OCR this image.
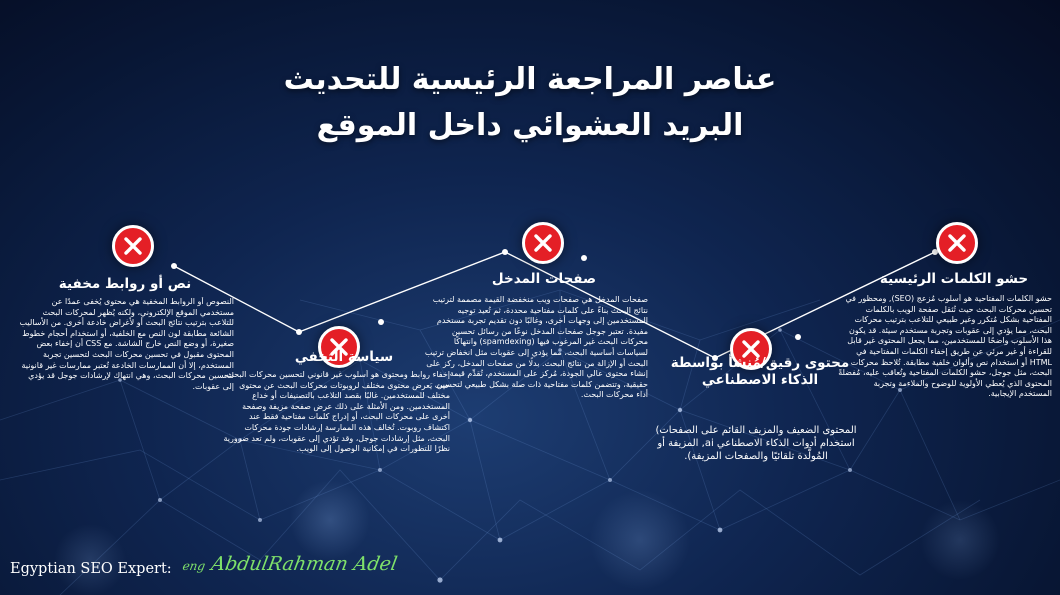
عناصر المراجعة الرئيسية للتحديث
البريد العشوائي داخل الموقع
نص أو روابط مخفية

النصوص أو الروابط المخفية هي محتوى يُخفى عمدًا عن مستخدمي الموقع الإلكتروني، ولكنه يُظهر لمحركات البحث للتلاعب بترتيب نتائج البحث أو لأغراض خادعة أخرى. من الأساليب الشائعة مطابقة لون النص مع الخلفية، أو استخدام أحجام خطوط صغيرة، أو وضع النص خارج الشاشة. مع CSS أن إخفاء بعض المحتوى مقبول في تحسين محركات البحث لتحسين تجربة المستخدم، إلا أن الممارسات الخادعة تُعتبر ممارسات غير قانونية لتحسين محركات البحث، وهي انتهاك لإرشادات جوجل قد يؤدي إلى عقوبات.

سياسة التخفي

إخفاء روابط ومحتوى هو أسلوب غير قانوني لتحسين محركات البحث، حيث يَعرض محتوى مختلف لروبوتات محركات البحث عن محتوى مختلف للمستخدمين. غالبًا بقصد التلاعب بالتصنيفات أو خداع المستخدمين. ومن الأمثلة على ذلك عرض صفحة مزيفة وصفحة أخرى على محركات البحث، أو إدراج كلمات مفتاحية فقط عند اكتشاف روبوت. تُخالف هذه الممارسة إرشادات جودة محركات البحث، مثل إرشادات جوجل، وقد تؤدي إلى عقوبات، ولم تعد ضرورية نظرًا للتطورات في إمكانية الوصول إلى الويب.

صفحات المدخل

صفحات المدخل هي صفحات ويب منخفضة القيمة مصممة لترتيب نتائج البحث بناءً على كلمات مفتاحية محددة، ثم تُعيد توجيه المستخدمين إلى وجهات أخرى، وغالبًا دون تقديم تجربة مستخدم مفيدة. تعتبر جوجل صفحات المدخل نوعًا من رسائل تحسين محركات البحث غير المرغوب فيها (spamdexing) وانتهاكًا لسياسات أساسية البحث، مما يؤدي إلى عقوبات مثل انخفاض ترتيب البحث أو الإزالة من نتائج البحث. بدلًا من صفحات المدخل، ركز على إنشاء محتوى عالي الجودة، مُركز على المستخدم، تُقدِّم قيمة حقيقية، وتتضمن كلمات مفتاحية ذات صلة بشكل طبيعي لتحسين أداء محركات البحث.

محتوى رقيق/مُنشأ بواسطة الذكاء الاصطناعي

المحتوى الضعيف والمزيف القائم على الصفحات) استخدام أدوات الذكاء الاصطناعي ai, المزيفة أو المُولَّدة تلقائيًا والصفحات المزيفة).

حشو الكلمات الرئيسية

حشو الكلمات المفتاحية هو أسلوب مُزعج (SEO), ومحظور في تحسين محركات البحث حيث تُثقل صفحة الويب بالكلمات المفتاحية بشكل مُتكرر وغير طبيعي للتلاعب بترتيب محركات البحث، مما يؤدي إلى عقوبات وتجربة مستخدم سيئة. قد يكون هذا الأسلوب واضحًا للمستخدمين، مما يجعل المحتوى غير قابل للقراءة أو غير مرئي عن طريق إخفاء الكلمات المفتاحية في HTML أو استخدام نص وألوان خلفية مطابقة. تُلاحظ محركات البحث، مثل جوجل، حشو الكلمات المفتاحية وتُعاقب عليه، مُفضلةً المحتوى الذي يُعطي الأولوية للوضوح والملاءمة وتجربة المستخدم الإيجابية.

Egyptian SEO Expert: eng AbdulRahman Adel
